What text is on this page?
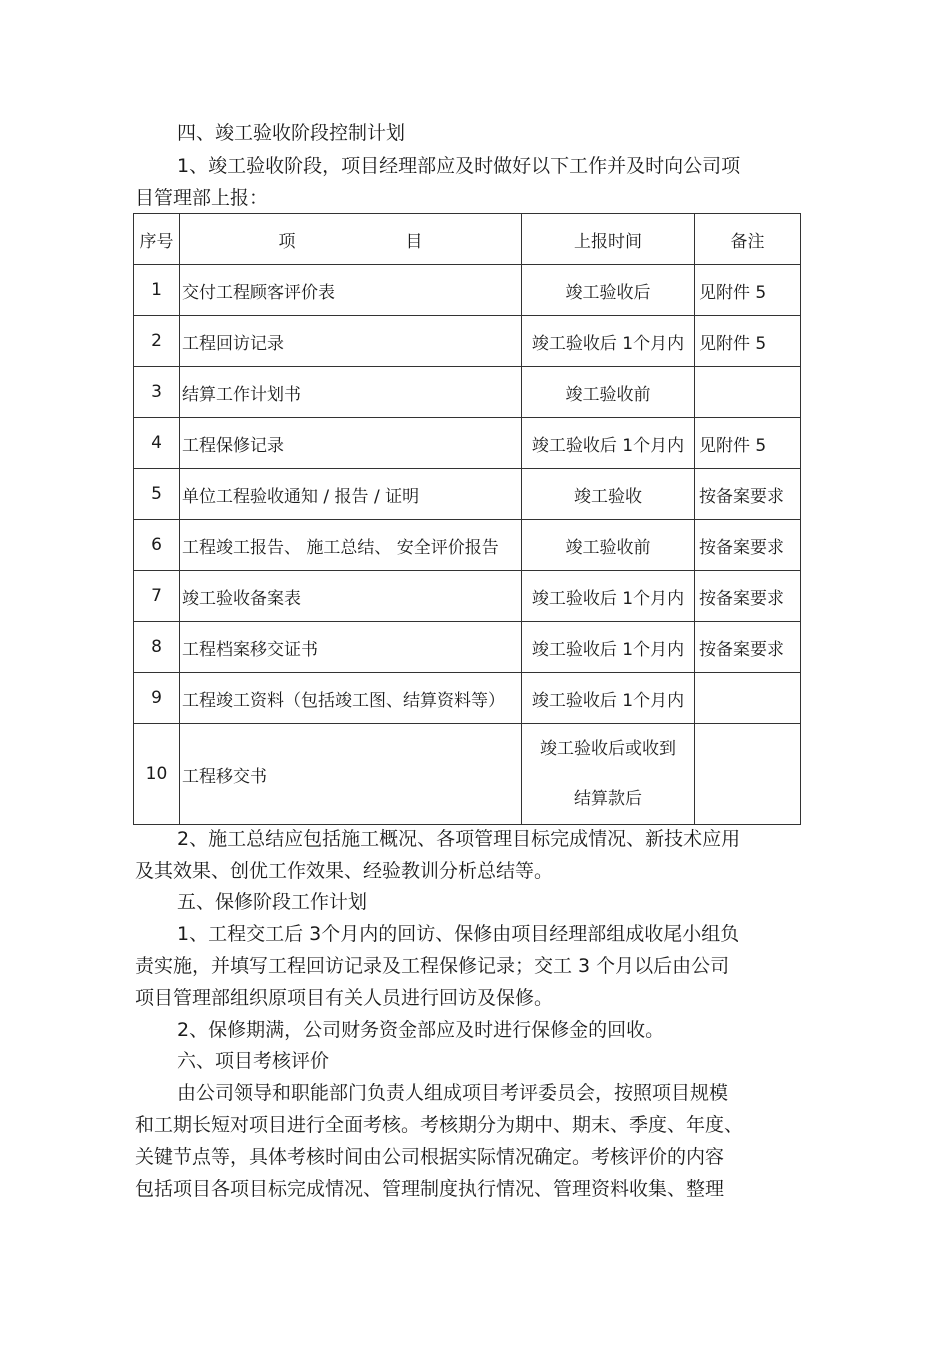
四、竣工验收阶段控制计划
1、竣工验收阶段，项目经理部应及时做好以下工作并及时向公司项
目管理部上报：
序号	项 目	上报时间	备注
1	交付工程顾客评价表	竣工验收后	见附件 5
2	工程回访记录	竣工验收后 1个月内	见附件 5
3	结算工作计划书	竣工验收前	
4	工程保修记录	竣工验收后 1个月内	见附件 5
5	单位工程验收通知 / 报告 / 证明	竣工验收	按备案要求
6	工程竣工报告、 施工总结、 安全评价报告	竣工验收前	按备案要求
7	竣工验收备案表	竣工验收后 1个月内	按备案要求
8	工程档案移交证书	竣工验收后 1个月内	按备案要求
9	工程竣工资料（包括竣工图、结算资料等）	竣工验收后 1个月内	
10	工程移交书	竣工验收后或收到
结算款后	

2、施工总结应包括施工概况、各项管理目标完成情况、新技术应用
及其效果、创优工作效果、经验教训分析总结等。
五、保修阶段工作计划
1、工程交工后 3个月内的回访、保修由项目经理部组成收尾小组负
责实施，并填写工程回访记录及工程保修记录；交工 3 个月以后由公司
项目管理部组织原项目有关人员进行回访及保修。
2、保修期满，公司财务资金部应及时进行保修金的回收。
六、项目考核评价
由公司领导和职能部门负责人组成项目考评委员会，按照项目规模
和工期长短对项目进行全面考核。考核期分为期中、期末、季度、年度、
关键节点等，具体考核时间由公司根据实际情况确定。考核评价的内容
包括项目各项目标完成情况、管理制度执行情况、管理资料收集、整理
